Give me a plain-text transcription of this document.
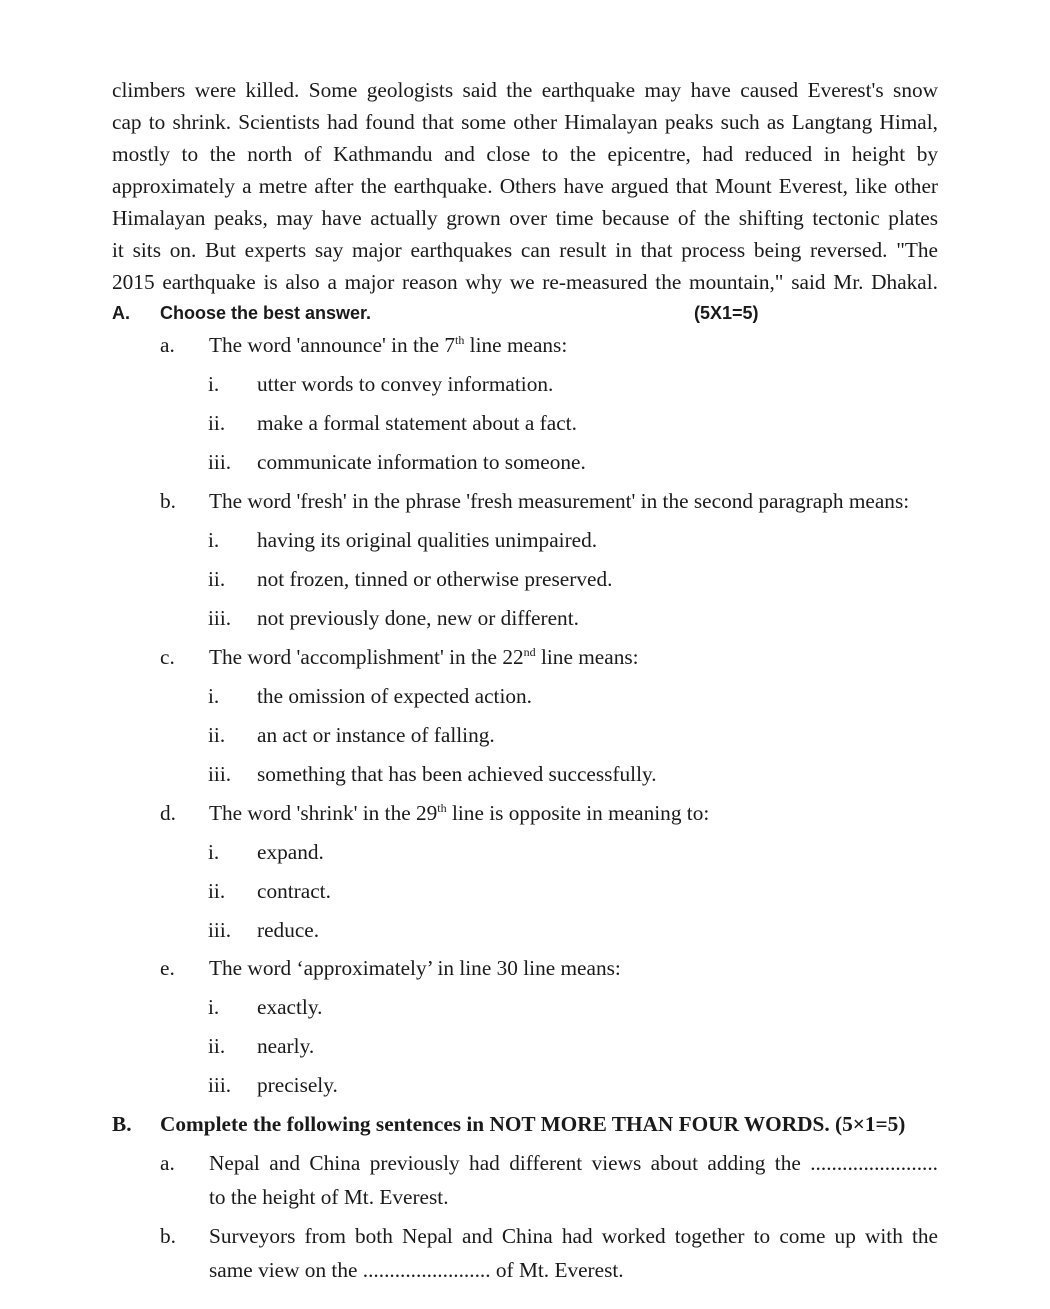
climbers were killed. Some geologists said the earthquake may have caused Everest's snow
cap to shrink. Scientists had found that some other Himalayan peaks such as Langtang Himal,
mostly to the north of Kathmandu and close to the epicentre, had reduced in height by
approximately a metre after the earthquake. Others have argued that Mount Everest, like other
Himalayan peaks, may have actually grown over time because of the shifting tectonic plates
it sits on. But experts say major earthquakes can result in that process being reversed. "The
2015 earthquake is also a major reason why we re-measured the mountain," said Mr. Dhakal.
A. Choose the best answer.	(5X1=5)
a. The word 'announce' in the 7th line means:
i. utter words to convey information.
ii. make a formal statement about a fact.
iii. communicate information to someone.
b. The word 'fresh' in the phrase 'fresh measurement' in the second paragraph means:
i. having its original qualities unimpaired.
ii. not frozen, tinned or otherwise preserved.
iii. not previously done, new or different.
c. The word 'accomplishment' in the 22nd line means:
i. the omission of expected action.
ii. an act or instance of falling.
iii. something that has been achieved successfully.
d. The word 'shrink' in the 29th line is opposite in meaning to:
i. expand.
ii. contract.
iii. reduce.
e. The word ‘approximately’ in line 30 line means:
i. exactly.
ii. nearly.
iii. precisely.
B. Complete the following sentences in NOT MORE THAN FOUR WORDS. (5×1=5)
a. Nepal and China previously had different views about adding the ........................
to the height of Mt. Everest.
b. Surveyors from both Nepal and China had worked together to come up with the
same view on the ........................ of Mt. Everest.
